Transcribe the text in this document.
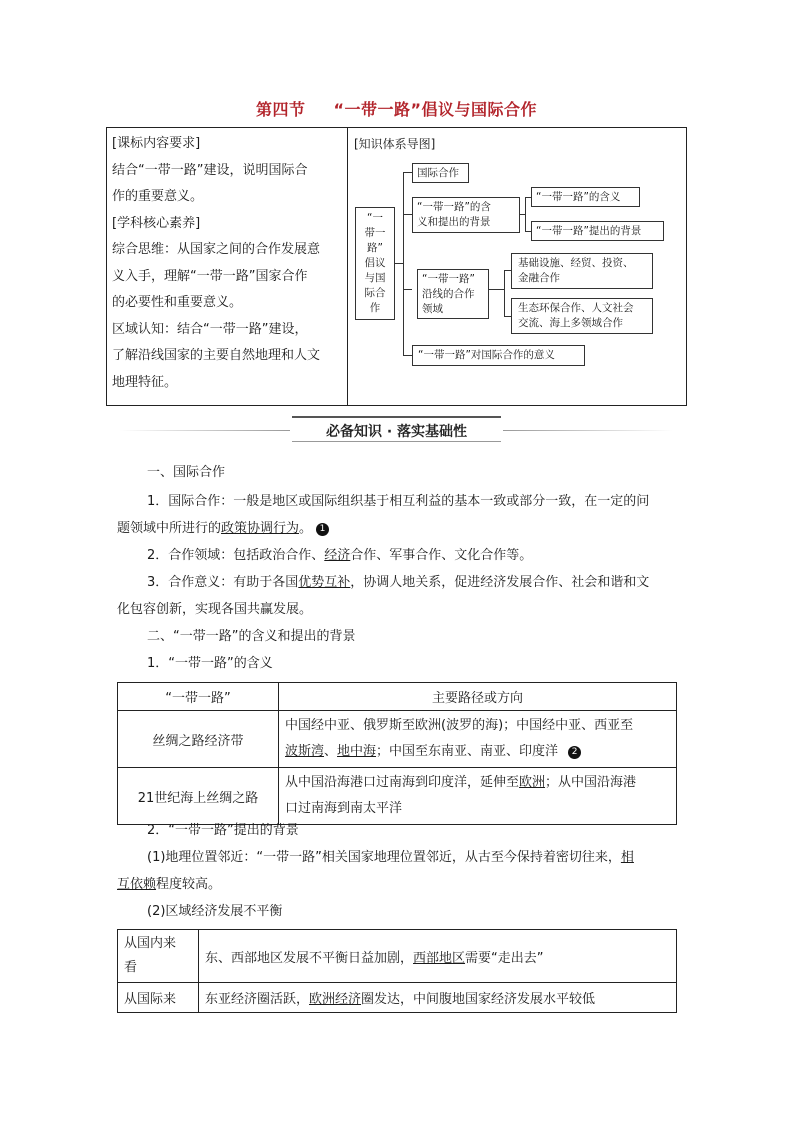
第四节 “一带一路”倡议与国际合作
[课标内容要求]
结合“一带一路”建设，说明国际合
作的重要意义。
[学科核心素养]
综合思维：从国家之间的合作发展意
义入手，理解“一带一路”国家合作
的必要性和重要意义。
区域认知：结合“一带一路”建设，
了解沿线国家的主要自然地理和人文
地理特征。
[知识体系导图]
“一
带一
路”
倡议
与国
际合
作
国际合作
“一带一路”的含
义和提出的背景
“一带一路”的含义
“一带一路”提出的背景
“一带一路”
沿线的合作
领域
基础设施、经贸、投资、
金融合作
生态环保合作、人文社会
交流、海上多领域合作
“一带一路”对国际合作的意义
必备知识 · 落实基础性
一、国际合作
1．国际合作：一般是地区或国际组织基于相互利益的基本一致或部分一致，在一定的问
题领域中所进行的政策协调行为。 1
2．合作领域：包括政治合作、经济合作、军事合作、文化合作等。
3．合作意义：有助于各国优势互补，协调人地关系，促进经济发展合作、社会和谐和文
化包容创新，实现各国共赢发展。
二、“一带一路”的含义和提出的背景
1．“一带一路”的含义
“一带一路”	主要路径或方向
丝绸之路经济带	中国经中亚、俄罗斯至欧洲(波罗的海)；中国经中亚、西亚至
波斯湾、地中海；中国至东南亚、南亚、印度洋 2

21世纪海上丝绸之路	从中国沿海港口过南海到印度洋，延伸至欧洲；从中国沿海港
口过南海到南太平洋
2．“一带一路”提出的背景
(1)地理位置邻近：“一带一路”相关国家地理位置邻近，从古至今保持着密切往来，相
互依赖程度较高。
(2)区域经济发展不平衡
从国内来
看	东、西部地区发展不平衡日益加剧，西部地区需要“走出去”
从国际来	东亚经济圈活跃，欧洲经济圈发达，中间腹地国家经济发展水平较低
